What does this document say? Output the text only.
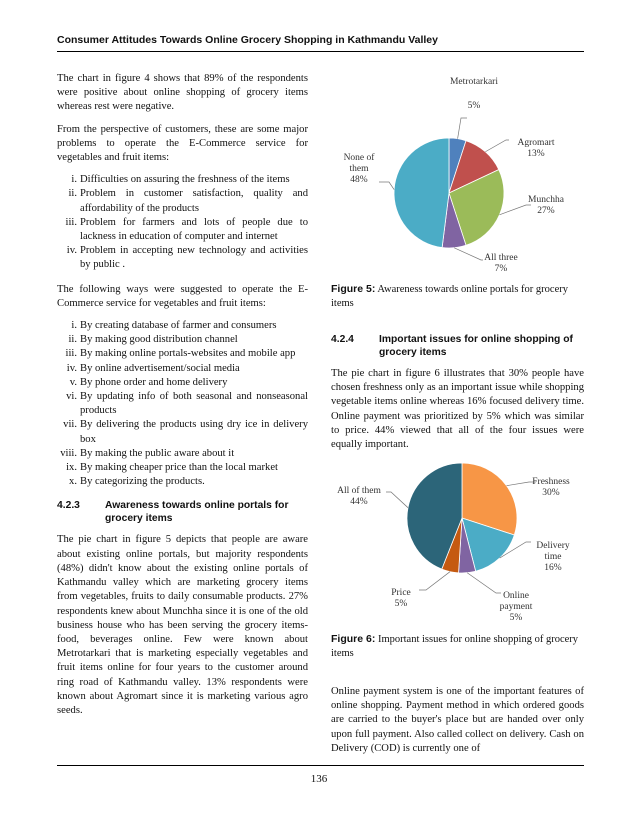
Consumer Attitudes Towards Online Grocery Shopping in Kathmandu Valley

The chart in figure 4 shows that 89% of the respondents were positive about online shopping of grocery items whereas rest were negative.

From the perspective of customers, these are some major problems to operate the E-Commerce service for vegetables and fruit items:

i. Difficulties on assuring the freshness of the items
ii. Problem in customer satisfaction, quality and affordability of the products
iii. Problem for farmers and lots of people due to lackness in education of computer and internet
iv. Problem in accepting new technology and activities by public .

The following ways were suggested to operate the E-Commerce service for vegetables and fruit items:

i. By creating database of farmer and consumers
ii. By making good distribution channel
iii. By making online portals-websites and mobile app
iv. By online advertisement/social media
v. By phone order and home delivery
vi. By updating info of both seasonal and nonseasonal products
vii. By delivering the products using dry ice in delivery box
viii. By making the public aware about it
ix. By making cheaper price than the local market
x. By categorizing the products.
4.2.3 Awareness towards online portals for grocery items

The pie chart in figure 5 depicts that people are aware about existing online portals, but majority respondents (48%) didn't know about the existing online portals of Kathmandu valley which are marketing grocery items from vegetables, fruits to daily consumable products. 27% respondents knew about Munchha since it is one of the old business house who has been serving the grocery items- food, beverages online. Few were known about Metrotarkari that is marketing especially vegetables and fruit items online for four years to the customer around ring road of Kathmandu valley. 13% respondents were known about Agromart since it is marketing various agro seeds.

Metrotarkari
5%
Agromart
13%
Munchha
27%
All three
7%
None of
them
48%
Figure 5: Awareness towards online portals for grocery items
4.2.4 Important issues for online shopping of grocery items

The pie chart in figure 6 illustrates that 30% people have chosen freshness only as an important issue while shopping vegetable items online whereas 16% focused delivery time. Online payment was prioritized by 5% which was similar to price. 44% viewed that all of the four issues were equally important.

Freshness
30%
Delivery
time
16%
Online
payment
5%
Price
5%
All of them
44%
Figure 6: Important issues for online shopping of grocery items

Online payment system is one of the important features of online shopping. Payment method in which ordered goods are carried to the buyer's place but are handed over only upon full payment. Also called collect on delivery. Cash on Delivery (COD) is currently one of

136
